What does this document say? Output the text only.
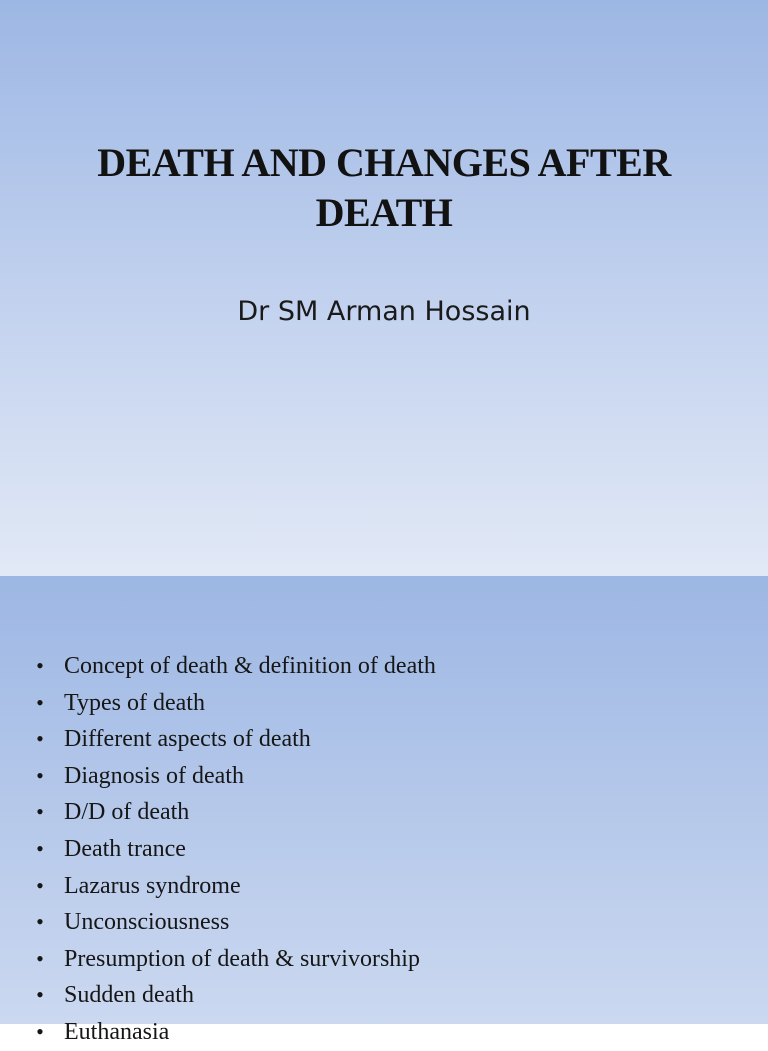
DEATH AND CHANGES AFTER
DEATH
Dr SM Arman Hossain
• Concept of death & definition of death
• Types of death
• Different aspects of death
• Diagnosis of death
• D/D of death
• Death trance
• Lazarus syndrome
• Unconsciousness
• Presumption of death & survivorship
• Sudden death
• Euthanasia
